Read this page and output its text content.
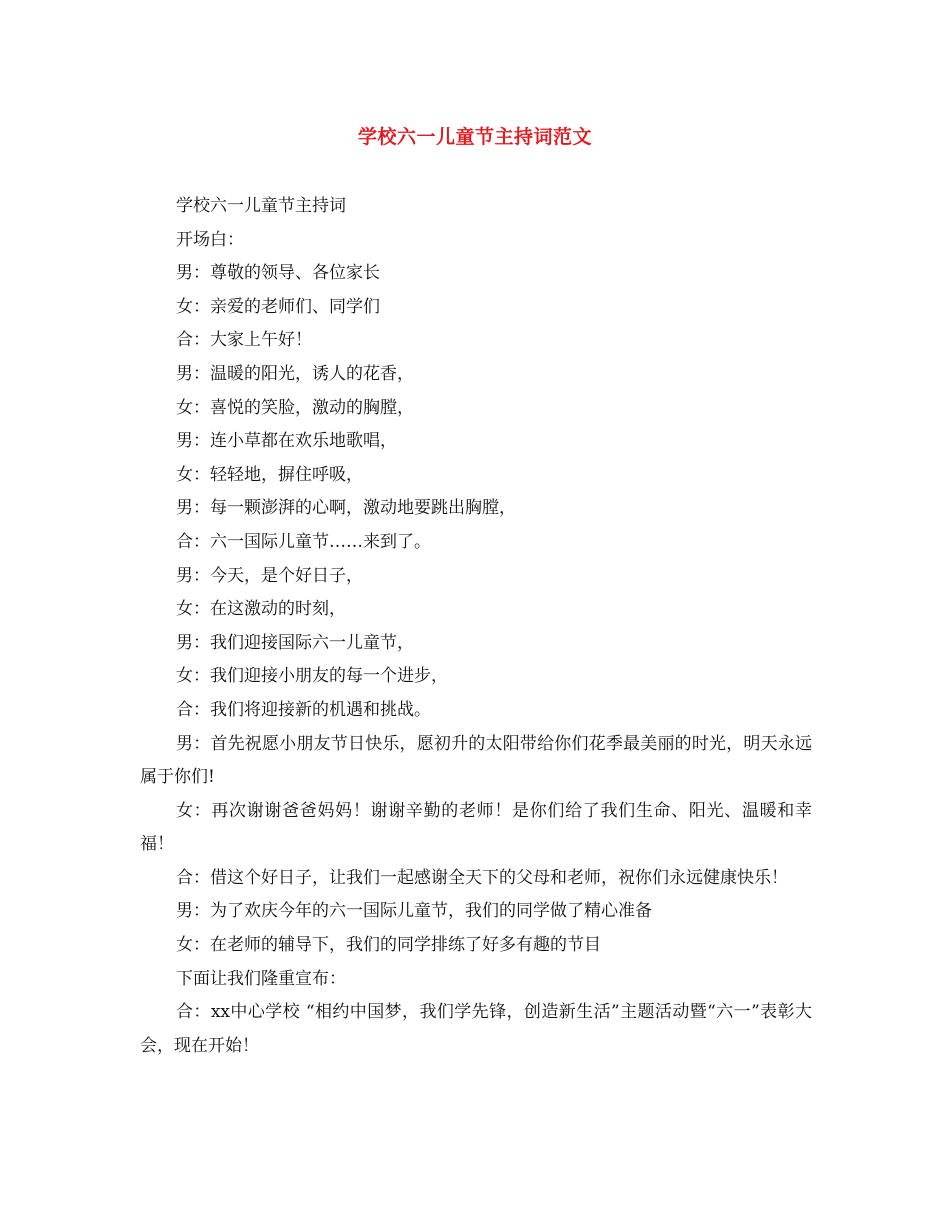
学校六一儿童节主持词范文

学校六一儿童节主持词

开场白：

男：尊敬的领导、各位家长

女：亲爱的老师们、同学们

合：大家上午好！

男：温暖的阳光，诱人的花香，

女：喜悦的笑脸，激动的胸膛，

男：连小草都在欢乐地歌唱，

女：轻轻地，摒住呼吸，

男：每一颗澎湃的心啊，激动地要跳出胸膛，

合：六一国际儿童节……来到了。

男：今天，是个好日子，

女：在这激动的时刻，

男：我们迎接国际六一儿童节，

女：我们迎接小朋友的每一个进步，

合：我们将迎接新的机遇和挑战。

男：首先祝愿小朋友节日快乐，愿初升的太阳带给你们花季最美丽的时光，明天永远属于你们!

女：再次谢谢爸爸妈妈！谢谢辛勤的老师！是你们给了我们生命、阳光、温暖和幸福！

合：借这个好日子，让我们一起感谢全天下的父母和老师，祝你们永远健康快乐！

男：为了欢庆今年的六一国际儿童节，我们的同学做了精心准备

女：在老师的辅导下，我们的同学排练了好多有趣的节目

下面让我们隆重宣布：

合：xx中心学校 “相约中国梦，我们学先锋，创造新生活”主题活动暨“六一”表彰大会，现在开始！
